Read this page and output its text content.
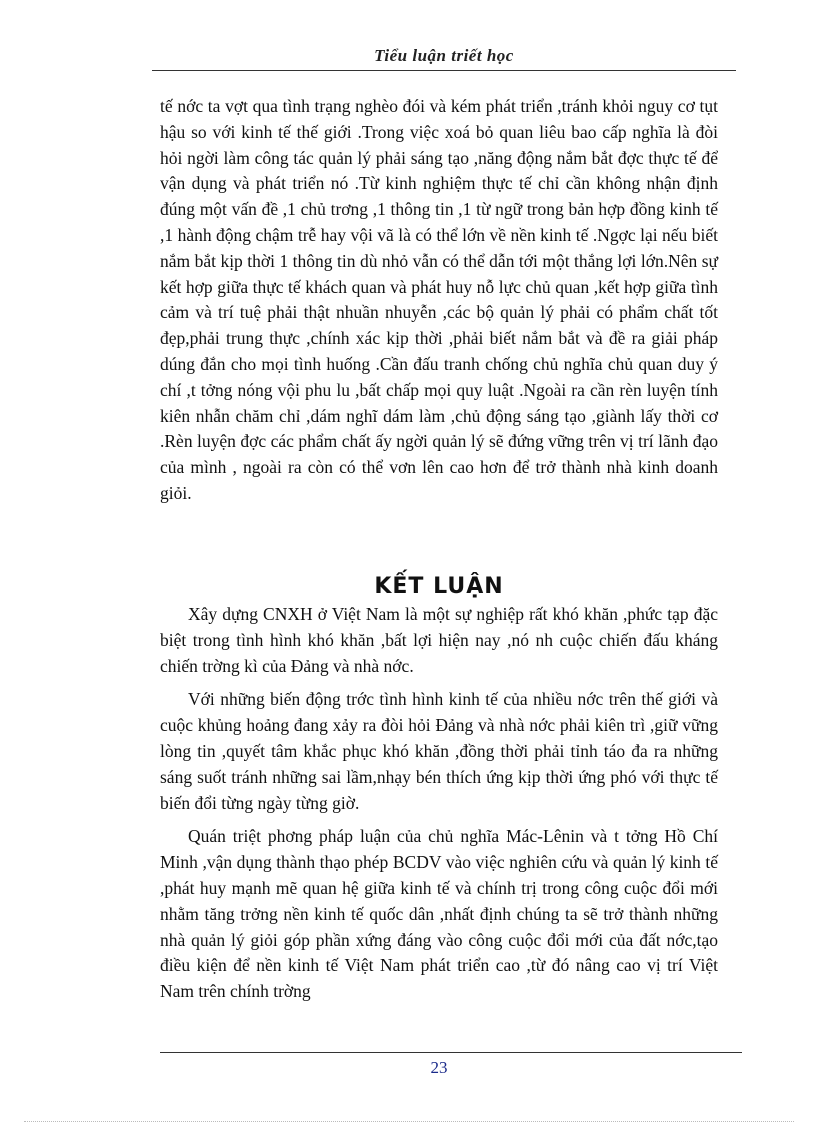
Tiểu luận triết học

tế nớc ta vợt qua tình trạng nghèo đói và kém phát triển ,tránh khỏi nguy cơ tụt hậu so với kinh tế thế giới .Trong việc xoá bỏ quan liêu bao cấp nghĩa là đòi hỏi ngời làm công tác quản lý phải sáng tạo ,năng động nắm bắt đợc thực tế để vận dụng và phát triển nó .Từ kinh nghiệm thực tế chỉ cần không nhận định đúng một vấn đề ,1 chủ trơng ,1 thông tin ,1 từ ngữ trong bản hợp đồng kinh tế ,1 hành động chậm trễ hay vội vã là có thể lớn về nền kinh tế .Ngợc lại nếu biết nắm bắt kịp thời 1 thông tin dù nhỏ vẫn có thể dẫn tới một thắng lợi lớn.Nên sự kết hợp giữa thực tế khách quan và phát huy nỗ lực chủ quan ,kết hợp giữa tình cảm và trí tuệ phải thật nhuần nhuyễn ,các bộ quản lý phải có phẩm chất tốt đẹp,phải trung thực ,chính xác kịp thời ,phải biết nắm bắt và đề ra giải pháp dúng đắn cho mọi tình huống .Cần đấu tranh chống chủ nghĩa chủ quan duy ý chí ,t tởng nóng vội phu lu ,bất chấp mọi quy luật .Ngoài ra cần rèn luyện tính kiên nhẫn chăm chỉ ,dám nghĩ dám làm ,chủ động sáng tạo ,giành lấy thời cơ .Rèn luyện đợc các phẩm chất ấy ngời quản lý sẽ đứng vững trên vị trí lãnh đạo của mình , ngoài ra còn có thể vơn lên cao hơn để trở thành nhà kinh doanh giỏi.

KẾT LUẬN

Xây dựng CNXH ở Việt Nam là một sự nghiệp rất khó khăn ,phức tạp đặc biệt trong tình hình khó khăn ,bất lợi hiện nay ,nó nh cuộc chiến đấu kháng chiến trờng kì của Đảng và nhà nớc.

Với những biến động trớc tình hình kinh tế của nhiều nớc trên thế giới và cuộc khủng hoảng đang xảy ra đòi hỏi Đảng và nhà nớc phải kiên trì ,giữ vững lòng tin ,quyết tâm khắc phục khó khăn ,đồng thời phải tỉnh táo đa ra những sáng suốt tránh những sai lầm,nhạy bén thích ứng kịp thời ứng phó với thực tế biến đổi từng ngày từng giờ.

Quán triệt phơng pháp luận của chủ nghĩa Mác-Lênin và t tởng Hồ Chí Minh ,vận dụng thành thạo phép BCDV vào việc nghiên cứu và quản lý kinh tế ,phát huy mạnh mẽ quan hệ giữa kinh tế và chính trị trong công cuộc đổi mới nhằm tăng trởng nền kinh tế quốc dân ,nhất định chúng ta sẽ trở thành những nhà quản lý giỏi góp phần xứng đáng vào công cuộc đổi mới của đất nớc,tạo điều kiện để nền kinh tế Việt Nam phát triển cao ,từ đó nâng cao vị trí Việt Nam trên chính trờng

23
